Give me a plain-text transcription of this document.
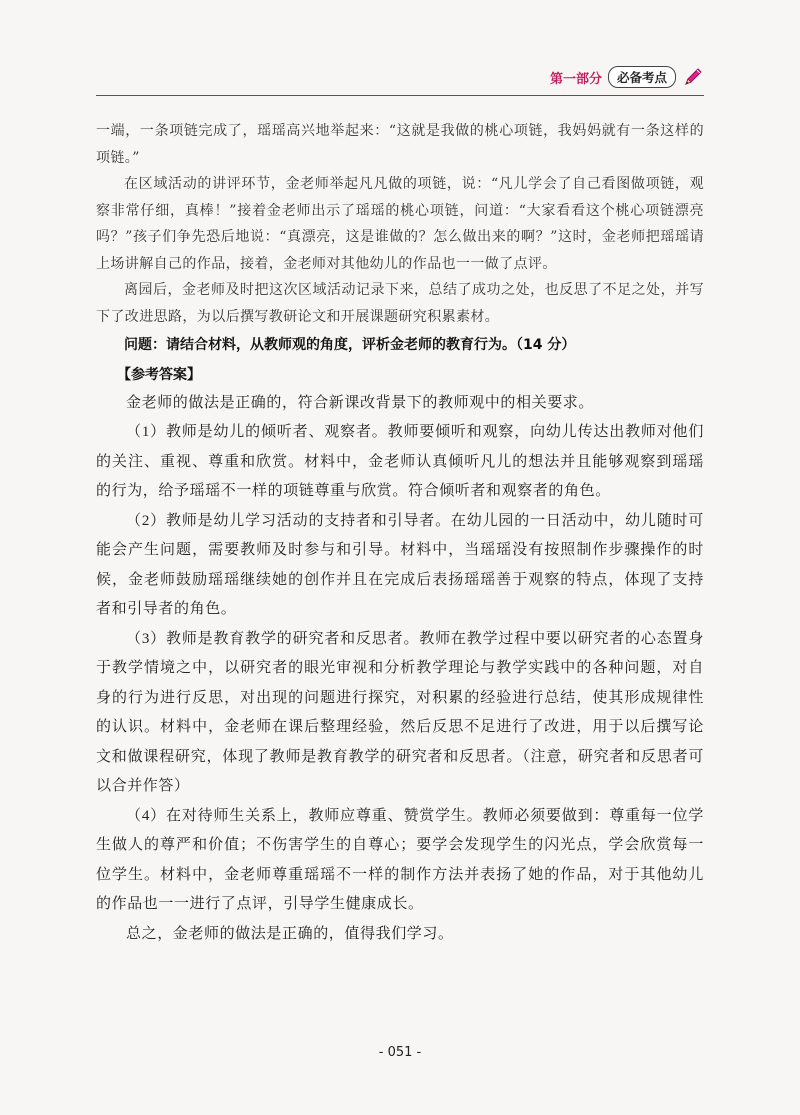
第一部分	必备考点

一端，一条项链完成了，瑶瑶高兴地举起来：“这就是我做的桃心项链，我妈妈就有一条这样的项链。”

在区域活动的讲评环节，金老师举起凡凡做的项链，说：“凡儿学会了自己看图做项链，观察非常仔细，真棒！”接着金老师出示了瑶瑶的桃心项链，问道：“大家看看这个桃心项链漂亮吗？”孩子们争先恐后地说：“真漂亮，这是谁做的？怎么做出来的啊？”这时，金老师把瑶瑶请上场讲解自己的作品，接着，金老师对其他幼儿的作品也一一做了点评。

离园后，金老师及时把这次区域活动记录下来，总结了成功之处，也反思了不足之处，并写下了改进思路，为以后撰写教研论文和开展课题研究积累素材。

问题：请结合材料，从教师观的角度，评析金老师的教育行为。（14 分）

【参考答案】

金老师的做法是正确的，符合新课改背景下的教师观中的相关要求。

（1）教师是幼儿的倾听者、观察者。教师要倾听和观察，向幼儿传达出教师对他们的关注、重视、尊重和欣赏。材料中，金老师认真倾听凡儿的想法并且能够观察到瑶瑶的行为，给予瑶瑶不一样的项链尊重与欣赏。符合倾听者和观察者的角色。

（2）教师是幼儿学习活动的支持者和引导者。在幼儿园的一日活动中，幼儿随时可能会产生问题，需要教师及时参与和引导。材料中，当瑶瑶没有按照制作步骤操作的时候，金老师鼓励瑶瑶继续她的创作并且在完成后表扬瑶瑶善于观察的特点，体现了支持者和引导者的角色。

（3）教师是教育教学的研究者和反思者。教师在教学过程中要以研究者的心态置身于教学情境之中，以研究者的眼光审视和分析教学理论与教学实践中的各种问题，对自身的行为进行反思，对出现的问题进行探究，对积累的经验进行总结，使其形成规律性的认识。材料中，金老师在课后整理经验，然后反思不足进行了改进，用于以后撰写论文和做课程研究，体现了教师是教育教学的研究者和反思者。（注意，研究者和反思者可以合并作答）

（4）在对待师生关系上，教师应尊重、赞赏学生。教师必须要做到：尊重每一位学生做人的尊严和价值；不伤害学生的自尊心；要学会发现学生的闪光点，学会欣赏每一位学生。材料中，金老师尊重瑶瑶不一样的制作方法并表扬了她的作品，对于其他幼儿的作品也一一进行了点评，引导学生健康成长。

总之，金老师的做法是正确的，值得我们学习。

- 051 -
